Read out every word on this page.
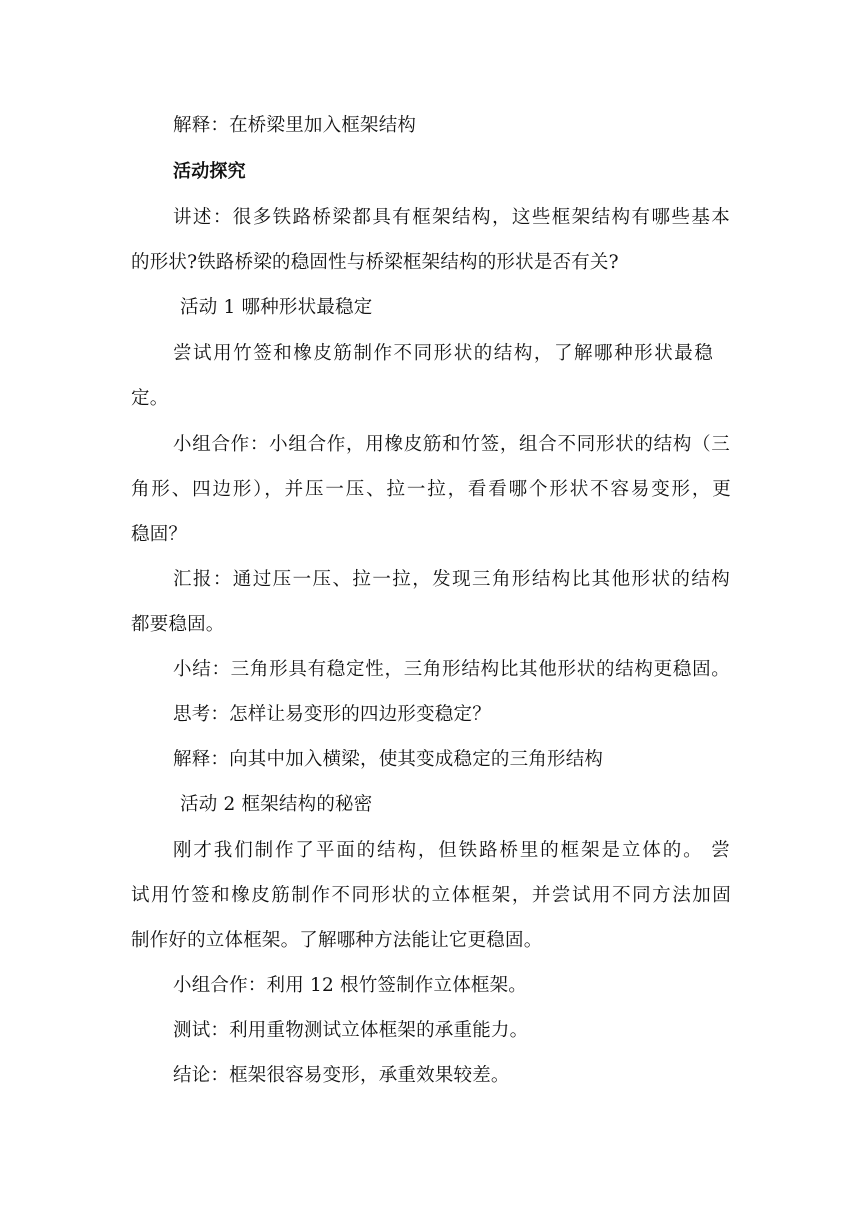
解释：在桥梁里加入框架结构
活动探究
讲述：很多铁路桥梁都具有框架结构，这些框架结构有哪些基本
的形状?铁路桥梁的稳固性与桥梁框架结构的形状是否有关?
活动 1 哪种形状最稳定
尝试用竹签和橡皮筋制作不同形状的结构，了解哪种形状最稳
定。
小组合作：小组合作，用橡皮筋和竹签，组合不同形状的结构（三
角形、四边形），并压一压、拉一拉，看看哪个形状不容易变形，更
稳固？
汇报：通过压一压、拉一拉，发现三角形结构比其他形状的结构
都要稳固。
小结：三角形具有稳定性，三角形结构比其他形状的结构更稳固。
思考：怎样让易变形的四边形变稳定？
解释：向其中加入横梁，使其变成稳定的三角形结构
活动 2 框架结构的秘密
刚才我们制作了平面的结构，但铁路桥里的框架是立体的。 尝
试用竹签和橡皮筋制作不同形状的立体框架，并尝试用不同方法加固
制作好的立体框架。了解哪种方法能让它更稳固。
小组合作：利用 12 根竹签制作立体框架。
测试：利用重物测试立体框架的承重能力。
结论：框架很容易变形，承重效果较差。
